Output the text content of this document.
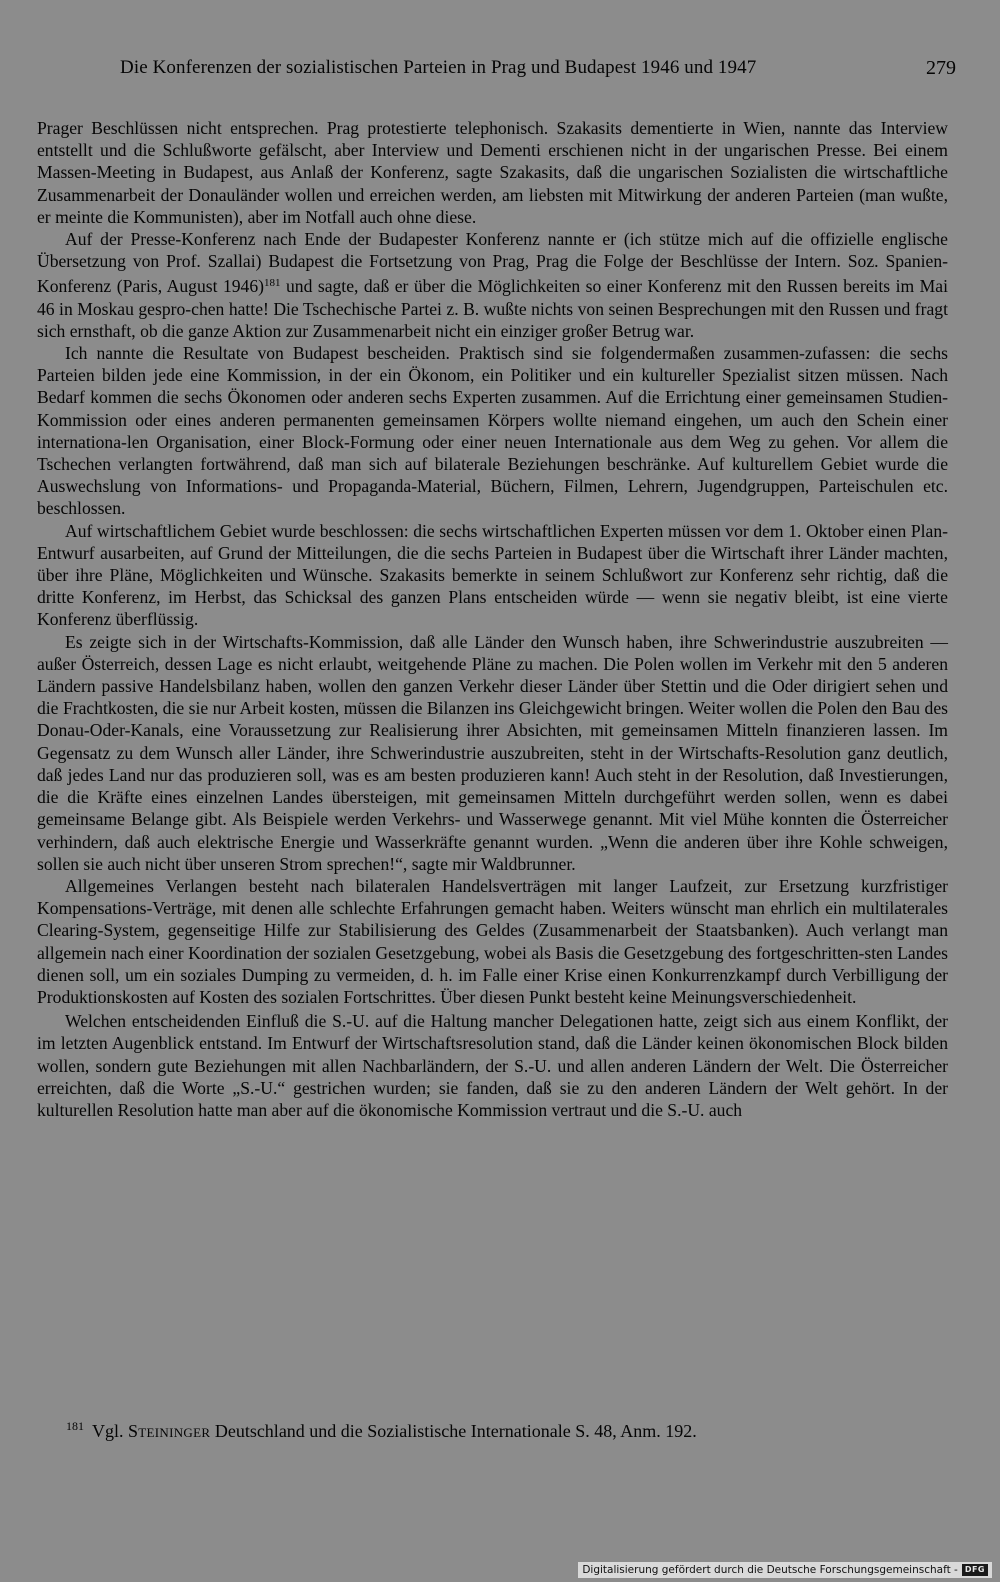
Die Konferenzen der sozialistischen Parteien in Prag und Budapest 1946 und 1947	279

Prager Beschlüssen nicht entsprechen. Prag protestierte telephonisch. Szakasits dementierte in Wien, nannte das Interview entstellt und die Schlußworte gefälscht, aber Interview und Dementi erschienen nicht in der ungarischen Presse. Bei einem Massen-Meeting in Budapest, aus Anlaß der Konferenz, sagte Szakasits, daß die ungarischen Sozialisten die wirtschaftliche Zusammenarbeit der Donauländer wollen und erreichen werden, am liebsten mit Mitwirkung der anderen Parteien (man wußte, er meinte die Kommunisten), aber im Notfall auch ohne diese.

Auf der Presse-Konferenz nach Ende der Budapester Konferenz nannte er (ich stütze mich auf die offizielle englische Übersetzung von Prof. Szallai) Budapest die Fortsetzung von Prag, Prag die Folge der Beschlüsse der Intern. Soz. Spanien-Konferenz (Paris, August 1946)$^{181}$ und sagte, daß er über die Möglichkeiten so einer Konferenz mit den Russen bereits im Mai 46 in Moskau gespro-chen hatte! Die Tschechische Partei z. B. wußte nichts von seinen Besprechungen mit den Russen und fragt sich ernsthaft, ob die ganze Aktion zur Zusammenarbeit nicht ein einziger großer Betrug war.

Ich nannte die Resultate von Budapest bescheiden. Praktisch sind sie folgendermaßen zusammen-zufassen: die sechs Parteien bilden jede eine Kommission, in der ein Ökonom, ein Politiker und ein kultureller Spezialist sitzen müssen. Nach Bedarf kommen die sechs Ökonomen oder anderen sechs Experten zusammen. Auf die Errichtung einer gemeinsamen Studien-Kommission oder eines anderen permanenten gemeinsamen Körpers wollte niemand eingehen, um auch den Schein einer internationa-len Organisation, einer Block-Formung oder einer neuen Internationale aus dem Weg zu gehen. Vor allem die Tschechen verlangten fortwährend, daß man sich auf bilaterale Beziehungen beschränke. Auf kulturellem Gebiet wurde die Auswechslung von Informations- und Propaganda-Material, Büchern, Filmen, Lehrern, Jugendgruppen, Parteischulen etc. beschlossen.

Auf wirtschaftlichem Gebiet wurde beschlossen: die sechs wirtschaftlichen Experten müssen vor dem 1. Oktober einen Plan-Entwurf ausarbeiten, auf Grund der Mitteilungen, die die sechs Parteien in Budapest über die Wirtschaft ihrer Länder machten, über ihre Pläne, Möglichkeiten und Wünsche. Szakasits bemerkte in seinem Schlußwort zur Konferenz sehr richtig, daß die dritte Konferenz, im Herbst, das Schicksal des ganzen Plans entscheiden würde — wenn sie negativ bleibt, ist eine vierte Konferenz überflüssig.

Es zeigte sich in der Wirtschafts-Kommission, daß alle Länder den Wunsch haben, ihre Schwerindustrie auszubreiten — außer Österreich, dessen Lage es nicht erlaubt, weitgehende Pläne zu machen. Die Polen wollen im Verkehr mit den 5 anderen Ländern passive Handelsbilanz haben, wollen den ganzen Verkehr dieser Länder über Stettin und die Oder dirigiert sehen und die Frachtkosten, die sie nur Arbeit kosten, müssen die Bilanzen ins Gleichgewicht bringen. Weiter wollen die Polen den Bau des Donau-Oder-Kanals, eine Voraussetzung zur Realisierung ihrer Absichten, mit gemeinsamen Mitteln finanzieren lassen. Im Gegensatz zu dem Wunsch aller Länder, ihre Schwerindustrie auszubreiten, steht in der Wirtschafts-Resolution ganz deutlich, daß jedes Land nur das produzieren soll, was es am besten produzieren kann! Auch steht in der Resolution, daß Investierungen, die die Kräfte eines einzelnen Landes übersteigen, mit gemeinsamen Mitteln durchgeführt werden sollen, wenn es dabei gemeinsame Belange gibt. Als Beispiele werden Verkehrs- und Wasserwege genannt. Mit viel Mühe konnten die Österreicher verhindern, daß auch elektrische Energie und Wasserkräfte genannt wurden. „Wenn die anderen über ihre Kohle schweigen, sollen sie auch nicht über unseren Strom sprechen!“, sagte mir Waldbrunner.

Allgemeines Verlangen besteht nach bilateralen Handelsverträgen mit langer Laufzeit, zur Ersetzung kurzfristiger Kompensations-Verträge, mit denen alle schlechte Erfahrungen gemacht haben. Weiters wünscht man ehrlich ein multilaterales Clearing-System, gegenseitige Hilfe zur Stabilisierung des Geldes (Zusammenarbeit der Staatsbanken). Auch verlangt man allgemein nach einer Koordination der sozialen Gesetzgebung, wobei als Basis die Gesetzgebung des fortgeschritten-sten Landes dienen soll, um ein soziales Dumping zu vermeiden, d. h. im Falle einer Krise einen Konkurrenzkampf durch Verbilligung der Produktionskosten auf Kosten des sozialen Fortschrittes. Über diesen Punkt besteht keine Meinungsverschiedenheit.

Welchen entscheidenden Einfluß die S.-U. auf die Haltung mancher Delegationen hatte, zeigt sich aus einem Konflikt, der im letzten Augenblick entstand. Im Entwurf der Wirtschaftsresolution stand, daß die Länder keinen ökonomischen Block bilden wollen, sondern gute Beziehungen mit allen Nachbarländern, der S.-U. und allen anderen Ländern der Welt. Die Österreicher erreichten, daß die Worte „S.-U.“ gestrichen wurden; sie fanden, daß sie zu den anderen Ländern der Welt gehört. In der kulturellen Resolution hatte man aber auf die ökonomische Kommission vertraut und die S.-U. auch

$^{181}$ Vgl. Steininger Deutschland und die Sozialistische Internationale S. 48, Anm. 192.
Digitalisierung gefördert durch die Deutsche Forschungsgemeinschaft - DFG
